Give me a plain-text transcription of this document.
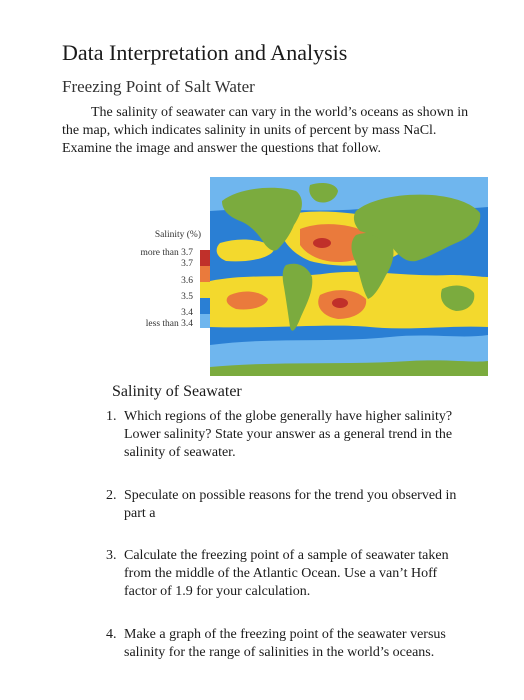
Data Interpretation and Analysis
Freezing Point of Salt Water

The salinity of seawater can vary in the world’s oceans as shown in the map, which indicates salinity in units of percent by mass NaCl. Examine the image and answer the questions that follow.

Salinity (%)
more than 3.7
3.7
3.6
3.5
3.4
less than 3.4
Salinity of Seawater
1. Which regions of the globe generally have higher salinity? Lower salinity? State your answer as a general trend in the salinity of seawater.
2. Speculate on possible reasons for the trend you observed in part a
3. Calculate the freezing point of a sample of seawater taken from the middle of the Atlantic Ocean. Use a van’t Hoff factor of 1.9 for your calculation.
4. Make a graph of the freezing point of the seawater versus salinity for the range of salinities in the world’s oceans.
